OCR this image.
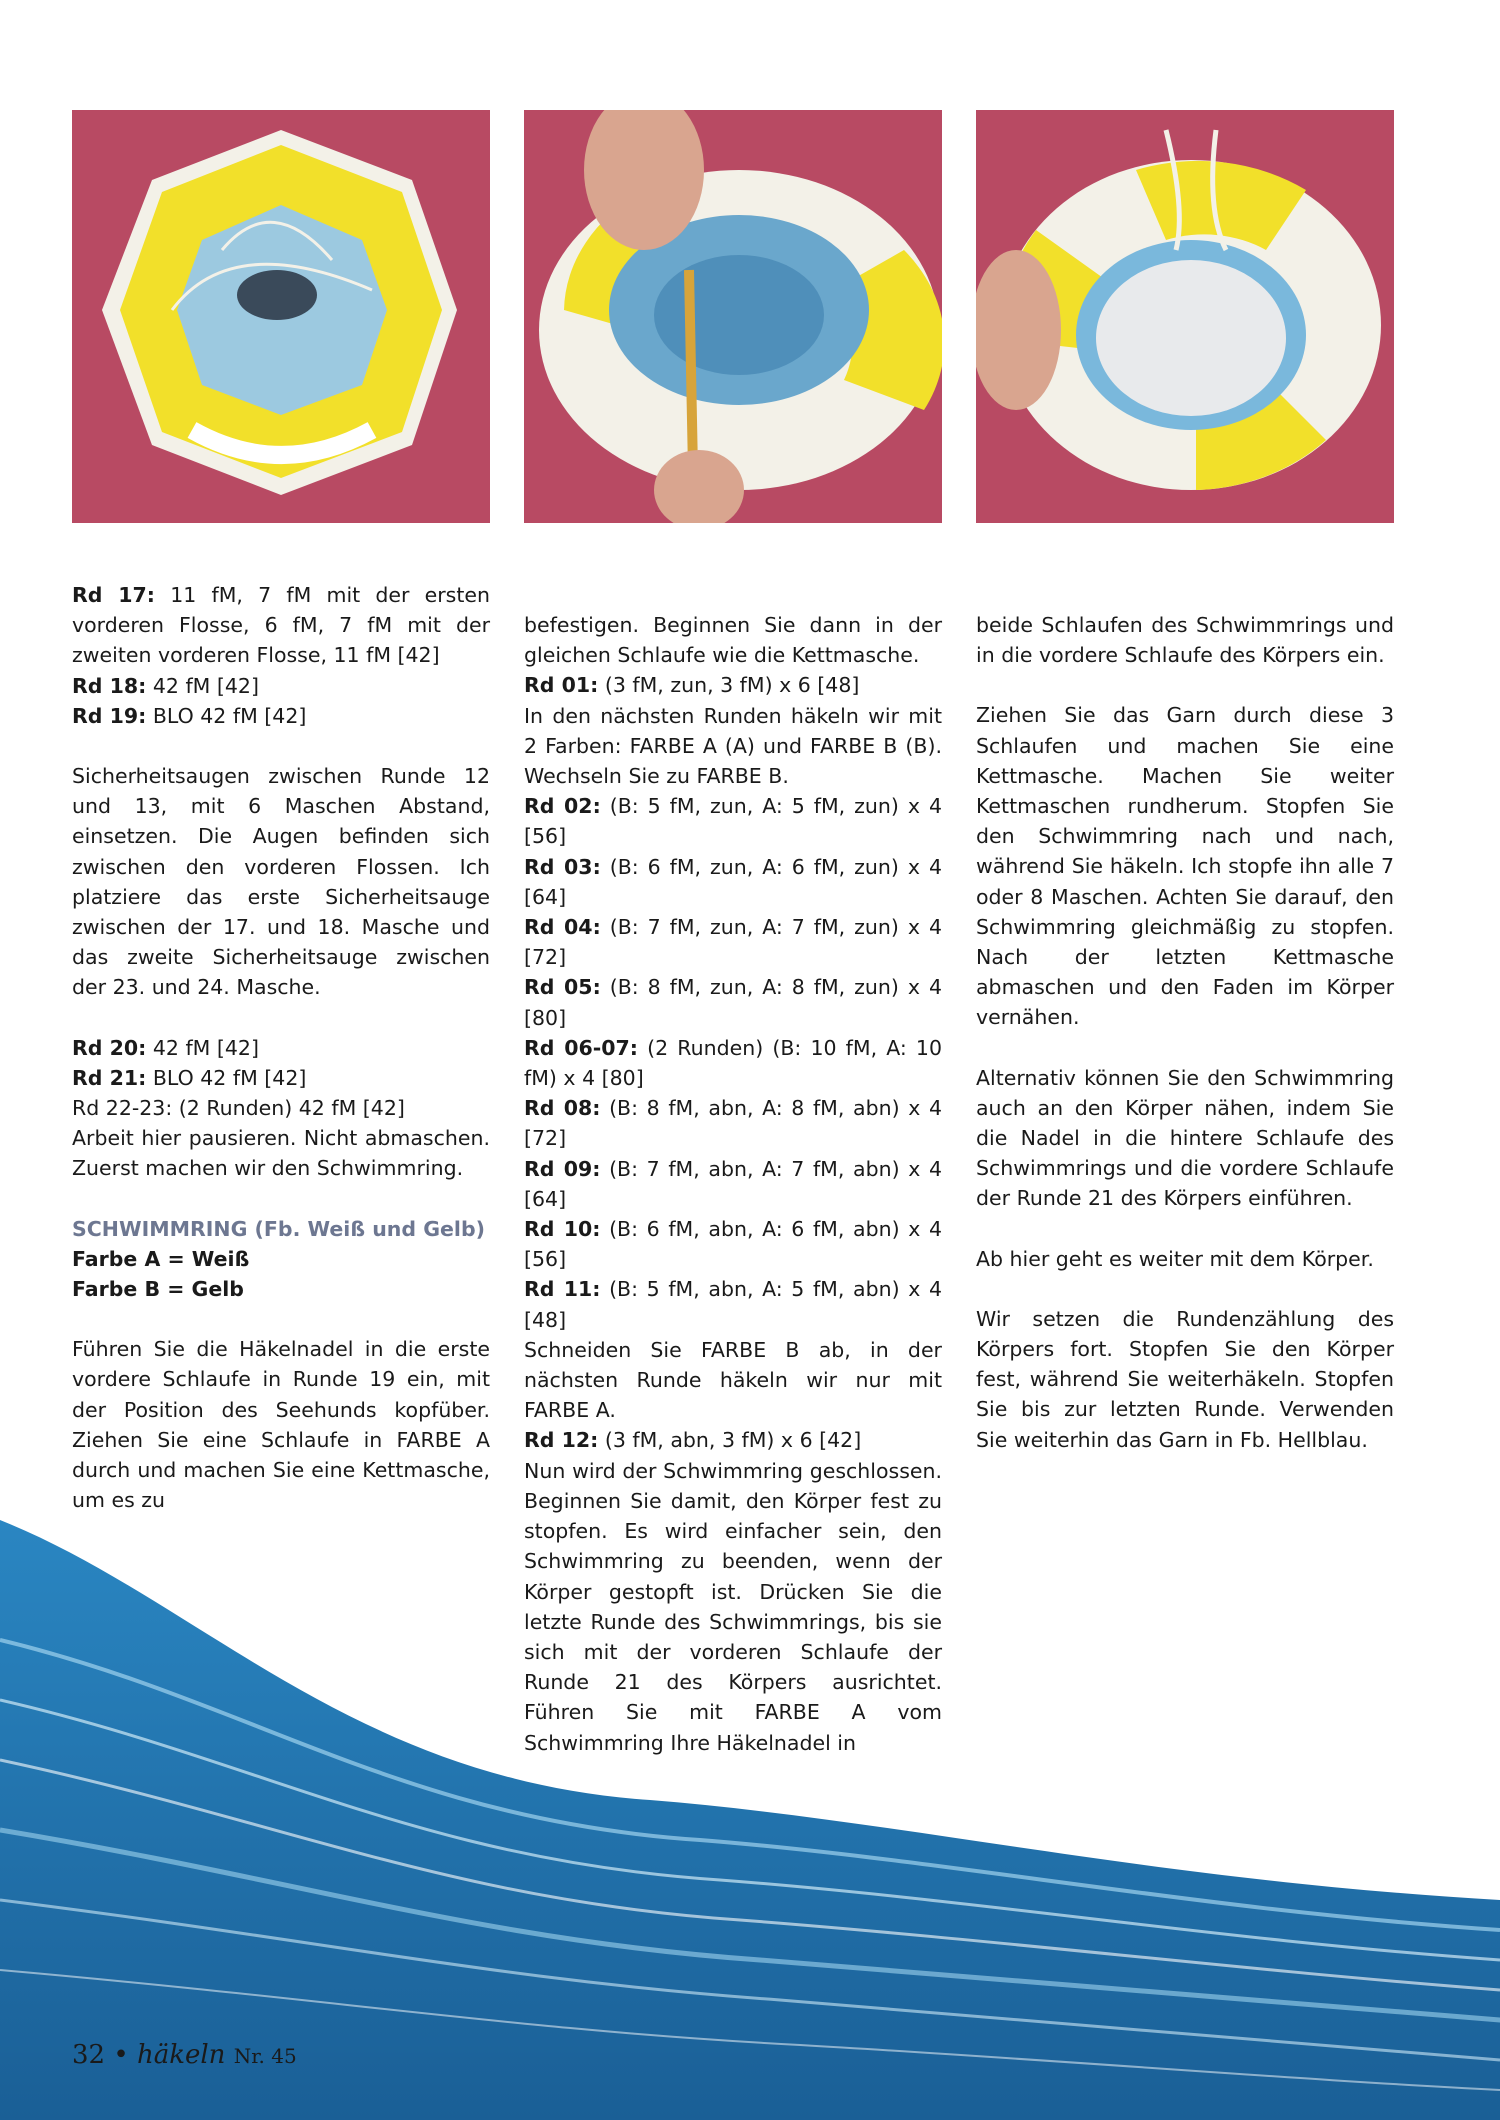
Rd 17: 11 fM, 7 fM mit der ersten vorderen Flosse, 6 fM, 7 fM mit der zweiten vorderen Flosse, 11 fM [42]

Rd 18: 42 fM [42]

Rd 19: BLO 42 fM [42]

Sicherheitsaugen zwischen Runde 12 und 13, mit 6 Maschen Abstand, einsetzen. Die Augen befinden sich zwischen den vorderen Flossen. Ich platziere das erste Sicherheitsauge zwischen der 17. und 18. Masche und das zweite Sicherheitsauge zwischen der 23. und 24. Masche.

Rd 20: 42 fM [42]

Rd 21: BLO 42 fM [42]

Rd 22-23: (2 Runden) 42 fM [42]

Arbeit hier pausieren. Nicht abmaschen. Zuerst machen wir den Schwimmring.

SCHWIMMRING (Fb. Weiß und Gelb)

Farbe A = Weiß

Farbe B = Gelb

Führen Sie die Häkelnadel in die erste vordere Schlaufe in Runde 19 ein, mit der Position des Seehunds kopfüber. Ziehen Sie eine Schlaufe in FARBE A durch und machen Sie eine Kettmasche, um es zu

befestigen. Beginnen Sie dann in der gleichen Schlaufe wie die Kettmasche.

Rd 01: (3 fM, zun, 3 fM) x 6 [48]

In den nächsten Runden häkeln wir mit 2 Farben: FARBE A (A) und FARBE B (B). Wechseln Sie zu FARBE B.

Rd 02: (B: 5 fM, zun, A: 5 fM, zun) x 4 [56]

Rd 03: (B: 6 fM, zun, A: 6 fM, zun) x 4 [64]

Rd 04: (B: 7 fM, zun, A: 7 fM, zun) x 4 [72]

Rd 05: (B: 8 fM, zun, A: 8 fM, zun) x 4 [80]

Rd 06-07: (2 Runden) (B: 10 fM, A: 10 fM) x 4 [80]

Rd 08: (B: 8 fM, abn, A: 8 fM, abn) x 4 [72]

Rd 09: (B: 7 fM, abn, A: 7 fM, abn) x 4 [64]

Rd 10: (B: 6 fM, abn, A: 6 fM, abn) x 4 [56]

Rd 11: (B: 5 fM, abn, A: 5 fM, abn) x 4 [48]

Schneiden Sie FARBE B ab, in der nächsten Runde häkeln wir nur mit FARBE A.

Rd 12: (3 fM, abn, 3 fM) x 6 [42]

Nun wird der Schwimmring geschlossen. Beginnen Sie damit, den Körper fest zu stopfen. Es wird einfacher sein, den Schwimmring zu beenden, wenn der Körper gestopft ist. Drücken Sie die letzte Runde des Schwimmrings, bis sie sich mit der vorderen Schlaufe der Runde 21 des Körpers ausrichtet. Führen Sie mit FARBE A vom Schwimmring Ihre Häkelnadel in

beide Schlaufen des Schwimmrings und in die vordere Schlaufe des Körpers ein.

Ziehen Sie das Garn durch diese 3 Schlaufen und machen Sie eine Kettmasche. Machen Sie weiter Kettmaschen rundherum. Stopfen Sie den Schwimmring nach und nach, während Sie häkeln. Ich stopfe ihn alle 7 oder 8 Maschen. Achten Sie darauf, den Schwimmring gleichmäßig zu stopfen. Nach der letzten Kettmasche abmaschen und den Faden im Körper vernähen.

Alternativ können Sie den Schwimmring auch an den Körper nähen, indem Sie die Nadel in die hintere Schlaufe des Schwimmrings und die vordere Schlaufe der Runde 21 des Körpers einführen.

Ab hier geht es weiter mit dem Körper.

Wir setzen die Rundenzählung des Körpers fort. Stopfen Sie den Körper fest, während Sie weiterhäkeln. Stopfen Sie bis zur letzten Runde. Verwenden Sie weiterhin das Garn in Fb. Hellblau.

32 • häkeln Nr. 45
